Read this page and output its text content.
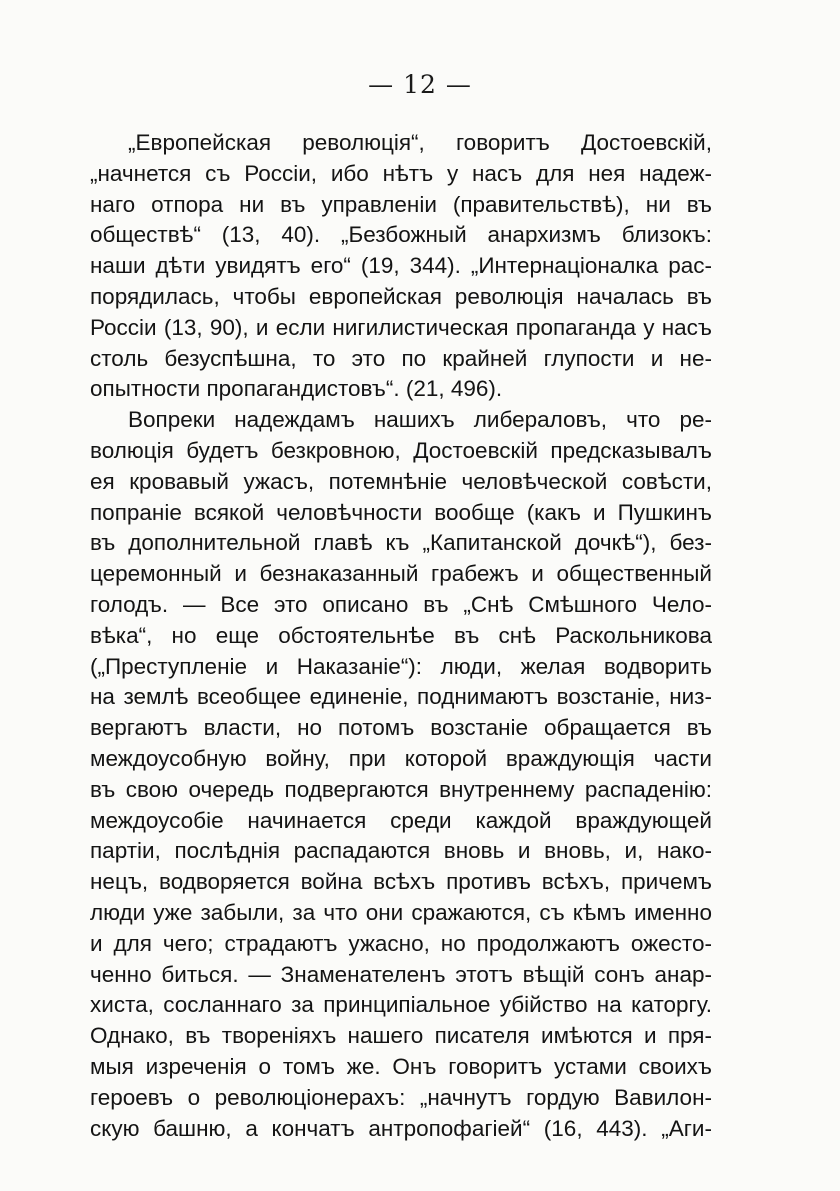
— 12 —
„Европейская революція“, говоритъ Достоевскій,
„начнется съ Россіи, ибо нѣтъ у насъ для нея надеж-
наго отпора ни въ управленіи (правительствѣ), ни въ
обществѣ“ (13, 40). „Безбожный анархизмъ близокъ:
наши дѣти увидятъ его“ (19, 344). „Интернаціоналка рас-
порядилась, чтобы европейская революція началась въ
Россіи (13, 90), и если нигилистическая пропаганда у насъ
столь безуспѣшна, то это по крайней глупости и не-
опытности пропагандистовъ“. (21, 496).
Вопреки надеждамъ нашихъ либераловъ, что ре-
волюція будетъ безкровною, Достоевскій предсказывалъ
ея кровавый ужасъ, потемнѣніе человѣческой совѣсти,
попраніе всякой человѣчности вообще (какъ и Пушкинъ
въ дополнительной главѣ къ „Капитанской дочкѣ“), без-
церемонный и безнаказанный грабежъ и общественный
голодъ. — Все это описано въ „Снѣ Смѣшного Чело-
вѣка“, но еще обстоятельнѣе въ снѣ Раскольникова
(„Преступленіе и Наказаніе“): люди, желая водворить
на землѣ всеобщее единеніе, поднимаютъ возстаніе, низ-
вергаютъ власти, но потомъ возстаніе обращается въ
междоусобную войну, при которой враждующія части
въ свою очередь подвергаются внутреннему распаденію:
междоусобіе начинается среди каждой враждующей
партіи, послѣднія распадаются вновь и вновь, и, нако-
нецъ, водворяется война всѣхъ противъ всѣхъ, причемъ
люди уже забыли, за что они сражаются, съ кѣмъ именно
и для чего; страдаютъ ужасно, но продолжаютъ ожесто-
ченно биться. — Знаменателенъ этотъ вѣщій сонъ анар-
хиста, сосланнаго за принципіальное убійство на каторгу.
Однако, въ твореніяхъ нашего писателя имѣются и пря-
мыя изреченія о томъ же. Онъ говоритъ устами своихъ
героевъ о революціонерахъ: „начнутъ гордую Вавилон-
скую башню, а кончатъ антропофагіей“ (16, 443). „Аги-
